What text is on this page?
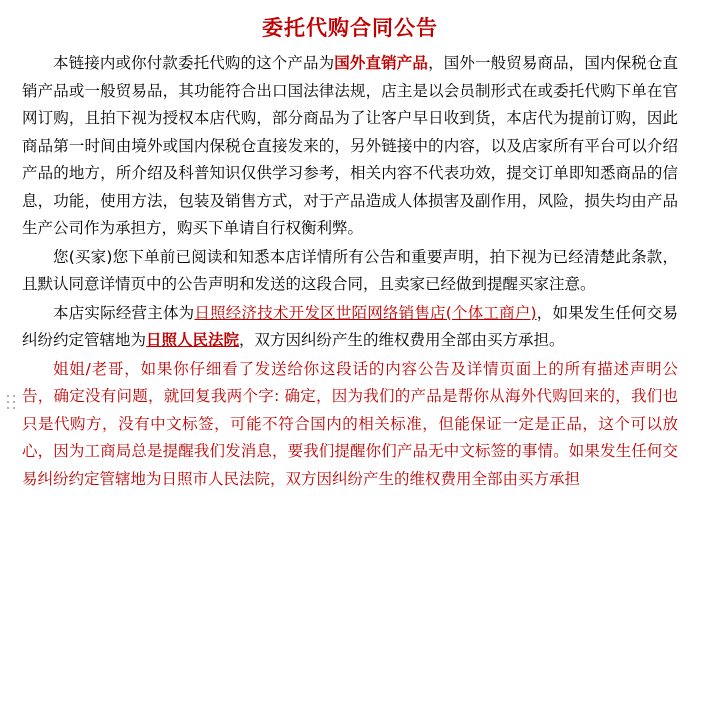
委托代购合同公告
本链接内或你付款委托代购的这个产品为国外直销产品，国外一般贸易商品，国内保税仓直销产品或一般贸易品，其功能符合出口国法律法规，店主是以会员制形式在或委托代购下单在官网订购，且拍下视为授权本店代购，部分商品为了让客户早日收到货，本店代为提前订购，因此商品第一时间由境外或国内保税仓直接发来的，另外链接中的内容，以及店家所有平台可以介绍产品的地方，所介绍及科普知识仅供学习参考，相关内容不代表功效，提交订单即知悉商品的信息，功能，使用方法，包装及销售方式，对于产品造成人体损害及副作用，风险，损失均由产品生产公司作为承担方，购买下单请自行权衡利弊。
您(买家)您下单前已阅读和知悉本店详情所有公告和重要声明，拍下视为已经清楚此条款，且默认同意详情页中的公告声明和发送的这段合同，且卖家已经做到提醒买家注意。
本店实际经营主体为日照经济技术开发区世陌网络销售店(个体工商户)，如果发生任何交易纠纷约定管辖地为日照人民法院，双方因纠纷产生的维权费用全部由买方承担。
姐姐/老哥，如果你仔细看了发送给你这段话的内容公告及详情页面上的所有描述声明公告，确定没有问题，就回复我两个字: 确定，因为我们的产品是帮你从海外代购回来的，我们也只是代购方，没有中文标签，可能不符合国内的相关标准，但能保证一定是正品，这个可以放心，因为工商局总是提醒我们发消息，要我们提醒你们产品无中文标签的事情。如果发生任何交易纠纷约定管辖地为日照市人民法院，双方因纠纷产生的维权费用全部由买方承担
